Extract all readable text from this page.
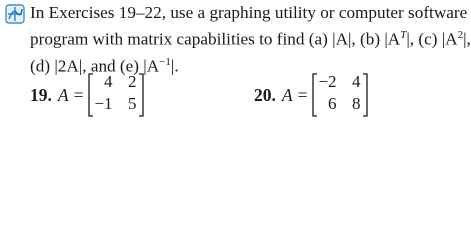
In Exercises 19–22, use a graphing utility or computer software
program with matrix capabilities to find (a) |A|, (b) $|A^T|$, (c) $|A^2|$,
(d) |2A|, and (e) $|A^{-1}|$.
19. A =
4 2
−1 5	20. A =
−2 4
6 8
